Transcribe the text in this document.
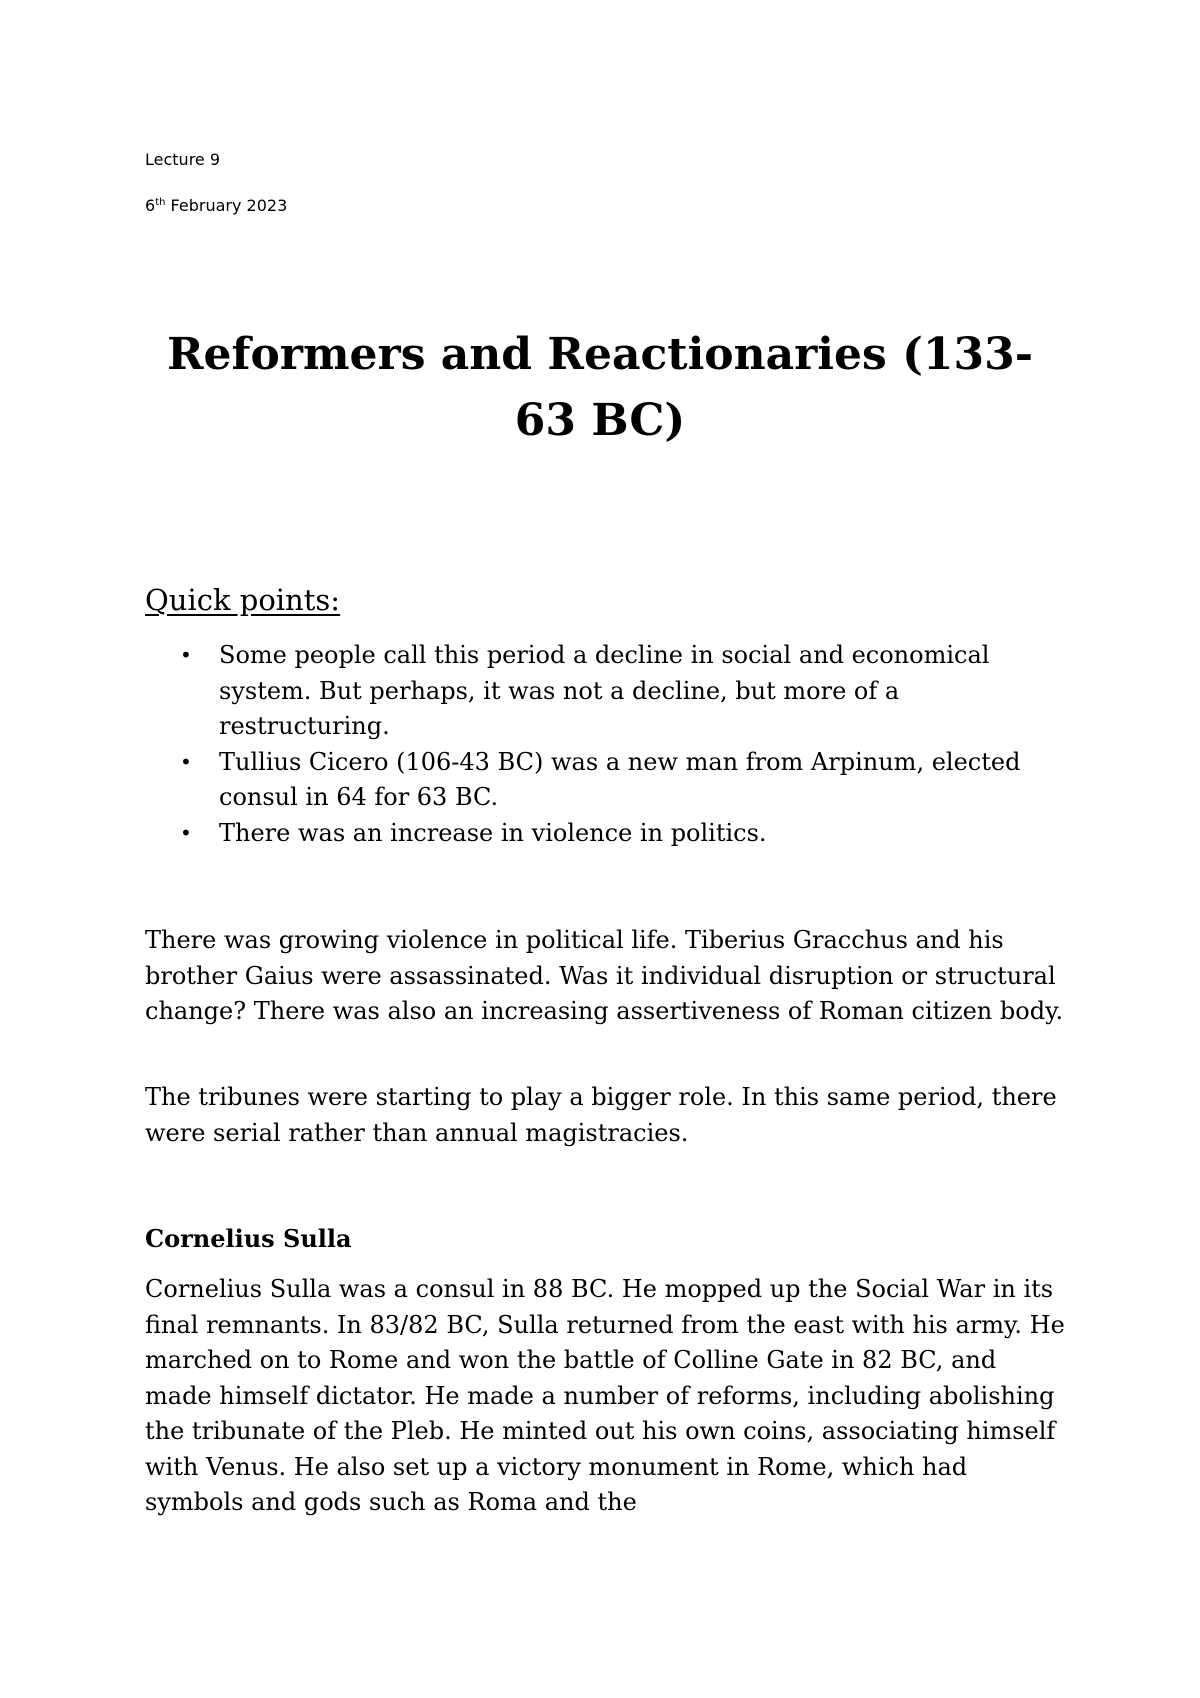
Lecture 9
6th February 2023
Reformers and Reactionaries (133-
63 BC)
Quick points:
• Some people call this period a decline in social and economical system. But perhaps, it was not a decline, but more of a restructuring.
• Tullius Cicero (106-43 BC) was a new man from Arpinum, elected consul in 64 for 63 BC.
• There was an increase in violence in politics.

There was growing violence in political life. Tiberius Gracchus and his brother Gaius were assassinated. Was it individual disruption or structural change? There was also an increasing assertiveness of Roman citizen body.

The tribunes were starting to play a bigger role. In this same period, there were serial rather than annual magistracies.

Cornelius Sulla

Cornelius Sulla was a consul in 88 BC. He mopped up the Social War in its final remnants. In 83/82 BC, Sulla returned from the east with his army. He marched on to Rome and won the battle of Colline Gate in 82 BC, and made himself dictator. He made a number of reforms, including abolishing the tribunate of the Pleb. He minted out his own coins, associating himself with Venus. He also set up a victory monument in Rome, which had symbols and gods such as Roma and the
